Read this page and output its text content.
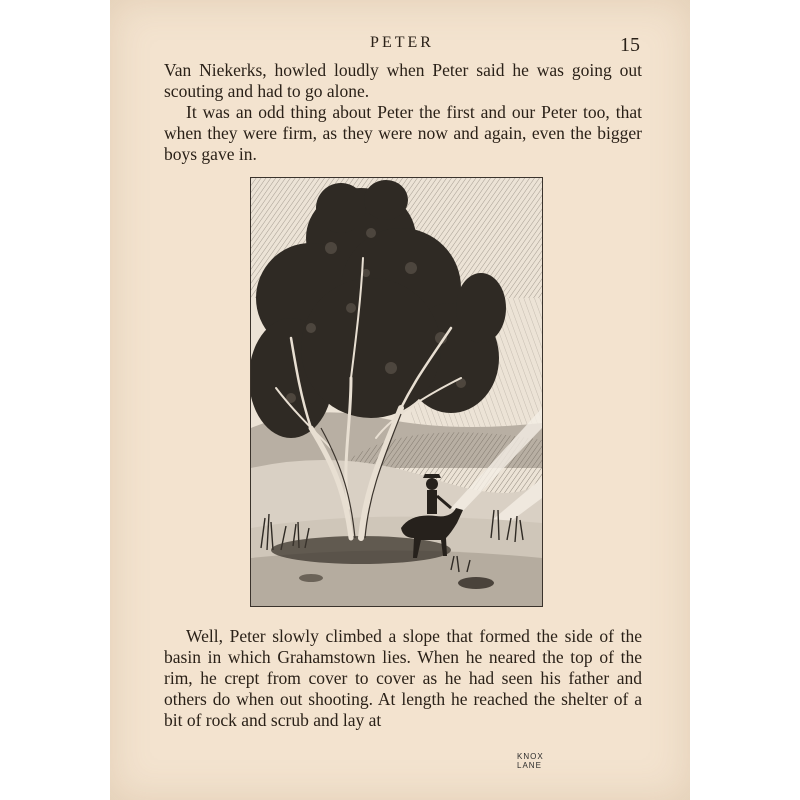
PETER	15

Van Niekerks, howled loudly when Peter said he was going out scouting and had to go alone.

It was an odd thing about Peter the first and our Peter too, that when they were firm, as they were now and again, even the bigger boys gave in.

KNOX LANE

Well, Peter slowly climbed a slope that formed the side of the basin in which Grahamstown lies. When he neared the top of the rim, he crept from cover to cover as he had seen his father and others do when out shooting. At length he reached the shelter of a bit of rock and scrub and lay at
